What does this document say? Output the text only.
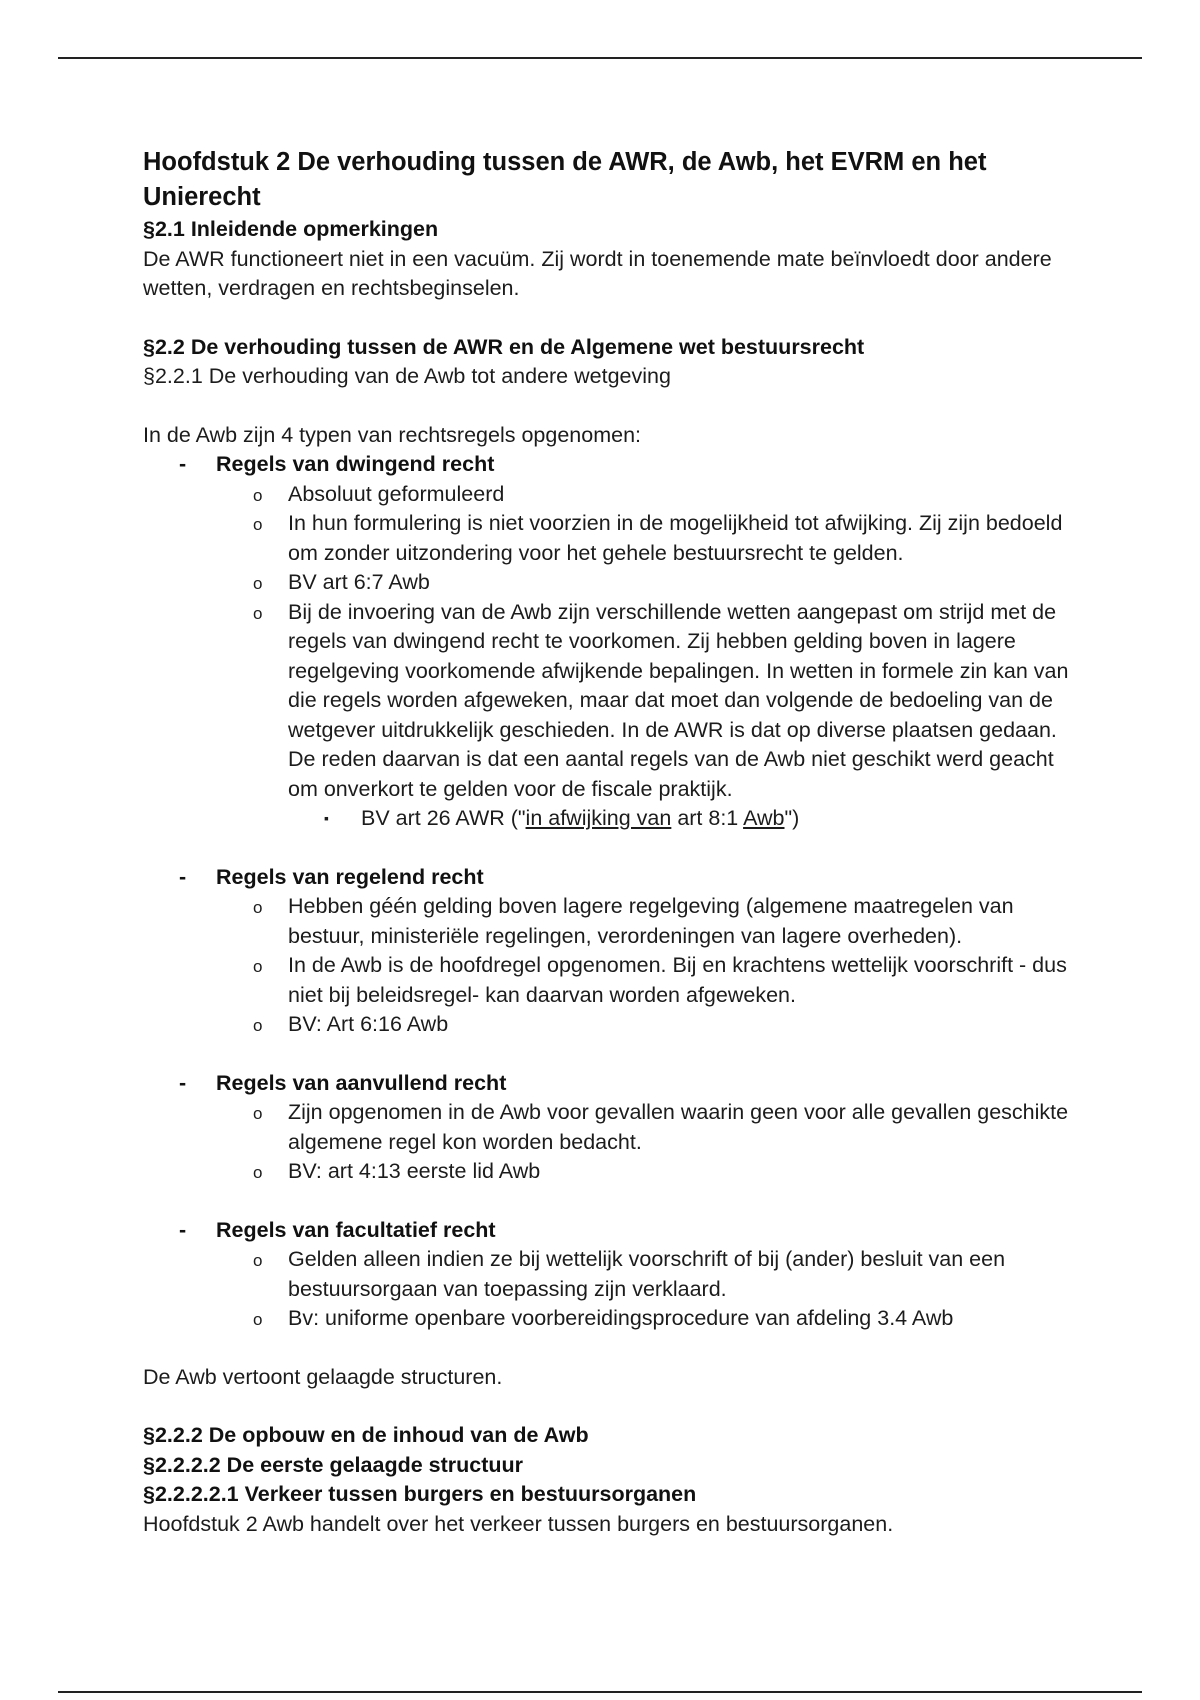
Hoofdstuk 2 De verhouding tussen de AWR, de Awb, het EVRM en het Unierecht

§2.1 Inleidende opmerkingen

De AWR functioneert niet in een vacuüm. Zij wordt in toenemende mate beïnvloedt door andere wetten, verdragen en rechtsbeginselen.

§2.2 De verhouding tussen de AWR en de Algemene wet bestuursrecht

§2.2.1 De verhouding van de Awb tot andere wetgeving

In de Awb zijn 4 typen van rechtsregels opgenomen:

- Regels van dwingend recht
o Absoluut geformuleerd
o In hun formulering is niet voorzien in de mogelijkheid tot afwijking. Zij zijn bedoeld om zonder uitzondering voor het gehele bestuursrecht te gelden.
o BV art 6:7 Awb
o Bij de invoering van de Awb zijn verschillende wetten aangepast om strijd met de regels van dwingend recht te voorkomen. Zij hebben gelding boven in lagere regelgeving voorkomende afwijkende bepalingen. In wetten in formele zin kan van die regels worden afgeweken, maar dat moet dan volgende de bedoeling van de wetgever uitdrukkelijk geschieden. In de AWR is dat op diverse plaatsen gedaan. De reden daarvan is dat een aantal regels van de Awb niet geschikt werd geacht om onverkort te gelden voor de fiscale praktijk.
▪ BV art 26 AWR ("in afwijking van art 8:1 Awb")
- Regels van regelend recht
o Hebben géén gelding boven lagere regelgeving (algemene maatregelen van bestuur, ministeriële regelingen, verordeningen van lagere overheden).
o In de Awb is de hoofdregel opgenomen. Bij en krachtens wettelijk voorschrift - dus niet bij beleidsregel- kan daarvan worden afgeweken.
o BV: Art 6:16 Awb
- Regels van aanvullend recht
o Zijn opgenomen in de Awb voor gevallen waarin geen voor alle gevallen geschikte algemene regel kon worden bedacht.
o BV: art 4:13 eerste lid Awb
- Regels van facultatief recht
o Gelden alleen indien ze bij wettelijk voorschrift of bij (ander) besluit van een bestuursorgaan van toepassing zijn verklaard.
o Bv: uniforme openbare voorbereidingsprocedure van afdeling 3.4 Awb

De Awb vertoont gelaagde structuren.

§2.2.2 De opbouw en de inhoud van de Awb

§2.2.2.2 De eerste gelaagde structuur

§2.2.2.2.1 Verkeer tussen burgers en bestuursorganen

Hoofdstuk 2 Awb handelt over het verkeer tussen burgers en bestuursorganen.
